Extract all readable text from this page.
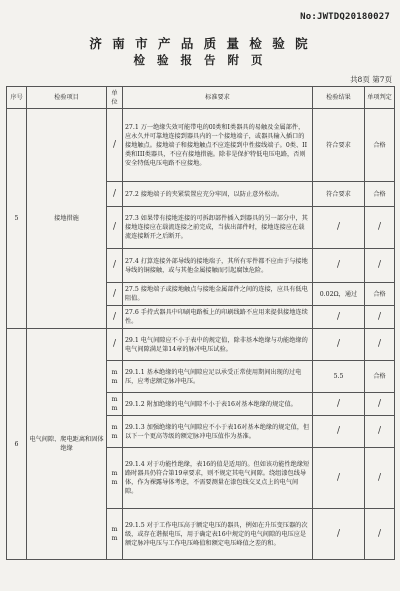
No:JWTDQ20180027
济 南 市 产 品 质 量 检 验 院
检 验 报 告 附 页
共8页 第7页
序号	检验项目	单位	标准要求	检验结果	单项判定
5	接地措施	/	27.1 万一绝缘失效可能带电的0I类和I类器具的易触及金属部件，应永久并可靠地连接到器具内的一个接地端子，或器具输入插口的接地触点。接地端子和接地触点不应连接到中性接线端子。0类、II类和III类器具，不应有接地措施。除非是保护特低电压电路，否则安全特低电压电路不应接地。	符合要求	合格
		/	27.2 接地端子的夹紧装置应充分牢固，以防止意外松动。	符合要求	合格
		/	27.3 如果带有接地连接的可拆卸部件插入到器具的另一部分中，其接地连接应在载流连接之前完成，当拔出部件时，接地连接应在载流连接断开之后断开。	/	/
		/	27.4 打算连接外部导线的接地端子，其所有零件都不应由于与接地导线的铜接触，或与其他金属接触而引起腐蚀危险。	/	/
		/	27.5 接地端子或接地触点与接地金属部件之间的连接，应具有低电阻值。	0.02Ω，通过	合格
		/	27.6 手持式器具中印刷电路板上的印刷线路不应用来提供接地连续性。	/	/
6	电气间隙、爬电距离和固体绝缘	/	29.1 电气间隙应不小于表中的规定值，除非基本绝缘与功能绝缘的电气间隙满足第14章的脉冲电压试验。	/	/
		mm	29.1.1 基本绝缘的电气间隙应足以承受正常使用期间出现的过电压，应考虑额定脉冲电压。	5.5	合格
		mm	29.1.2 附加绝缘的电气间隙不小于表16对基本绝缘的规定值。	/	/
		mm	29.1.3 加强绝缘的电气间隙应不小于表16对基本绝缘的规定值，但以下一个更高等级的额定脉冲电压值作为基准。	/	/
		mm	29.1.4 对于功能性绝缘，表16的值是适用的。但如该功能性绝缘短路时器具仍符合第19章要求，则不规定其电气间隙。绕组漆包线导体，作为裸露导体考虑，不需要测量在漆包线交叉点上的电气间隙。	/	/
		mm	29.1.5 对于工作电压高于额定电压的器具，例如在升压变压器的次级，或存在谐振电压，用于确定表16中规定的电气间隙的电压应是额定脉冲电压与工作电压峰值和额定电压峰值之差的和。	/	/
